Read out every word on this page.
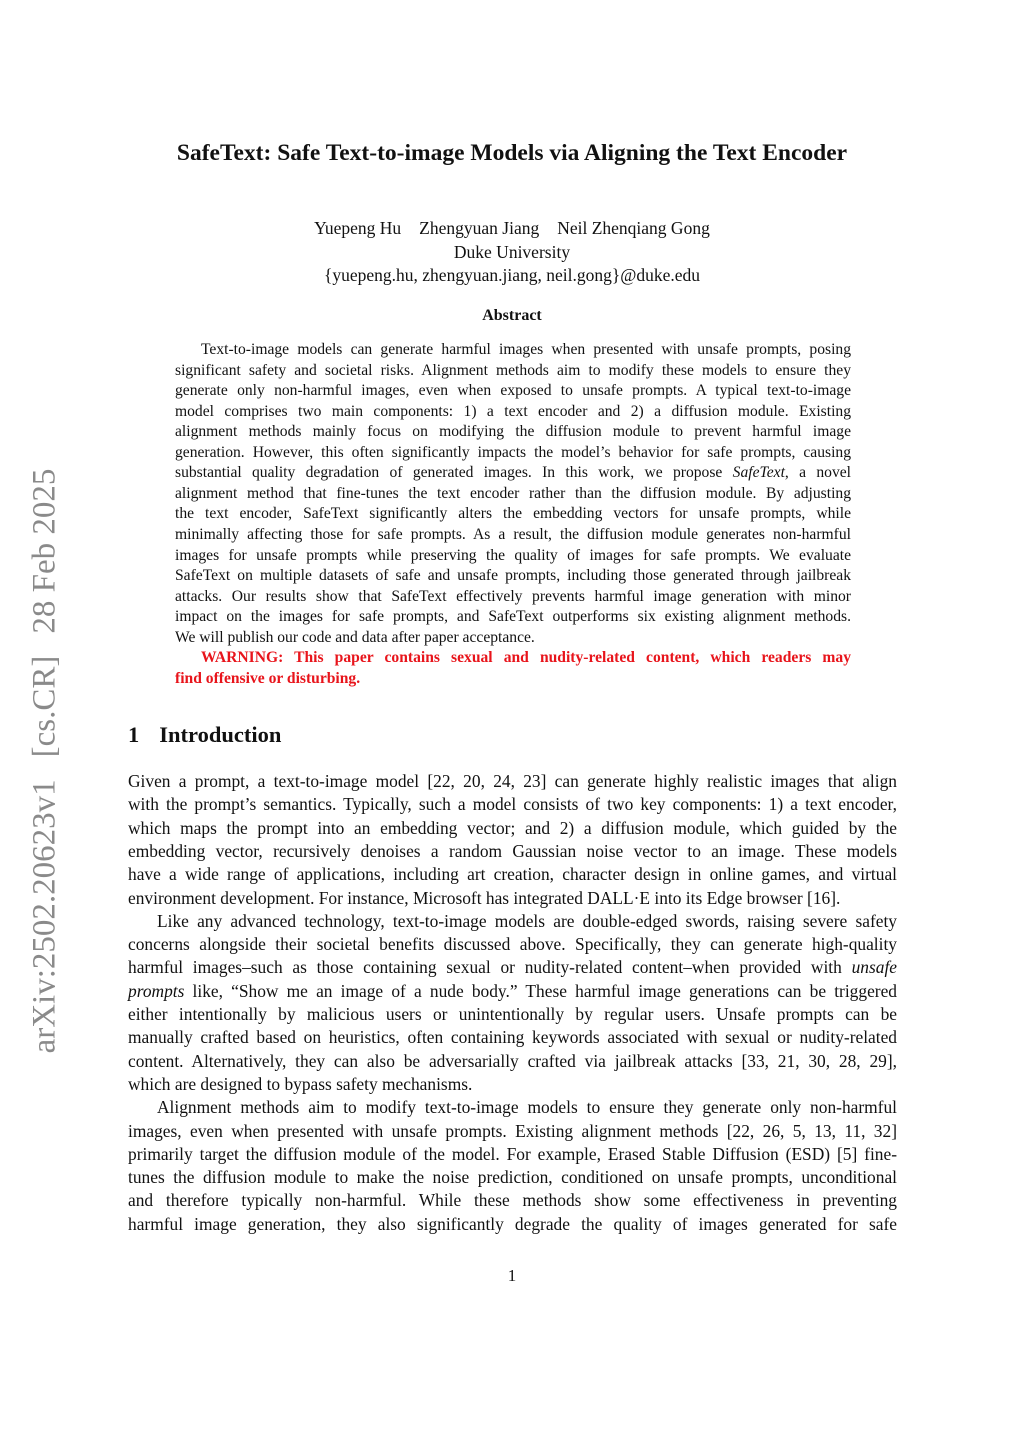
arXiv:2502.20623v1[cs.CR]28 Feb 2025
SafeText: Safe Text-to-image Models via Aligning the Text Encoder
Yuepeng Hu Zhengyuan Jiang Neil Zhenqiang Gong
Duke University
{yuepeng.hu, zhengyuan.jiang, neil.gong}@duke.edu
Abstract
Text-to-image models can generate harmful images when presented with unsafe prompts, posing
significant safety and societal risks. Alignment methods aim to modify these models to ensure they
generate only non-harmful images, even when exposed to unsafe prompts. A typical text-to-image
model comprises two main components: 1) a text encoder and 2) a diffusion module. Existing
alignment methods mainly focus on modifying the diffusion module to prevent harmful image
generation. However, this often significantly impacts the model’s behavior for safe prompts, causing
substantial quality degradation of generated images. In this work, we propose SafeText, a novel
alignment method that fine-tunes the text encoder rather than the diffusion module. By adjusting
the text encoder, SafeText significantly alters the embedding vectors for unsafe prompts, while
minimally affecting those for safe prompts. As a result, the diffusion module generates non-harmful
images for unsafe prompts while preserving the quality of images for safe prompts. We evaluate
SafeText on multiple datasets of safe and unsafe prompts, including those generated through jailbreak
attacks. Our results show that SafeText effectively prevents harmful image generation with minor
impact on the images for safe prompts, and SafeText outperforms six existing alignment methods.
We will publish our code and data after paper acceptance.
WARNING: This paper contains sexual and nudity-related content, which readers may
find offensive or disturbing.
1 Introduction
Given a prompt, a text-to-image model [22, 20, 24, 23] can generate highly realistic images that align
with the prompt’s semantics. Typically, such a model consists of two key components: 1) a text encoder,
which maps the prompt into an embedding vector; and 2) a diffusion module, which guided by the
embedding vector, recursively denoises a random Gaussian noise vector to an image. These models
have a wide range of applications, including art creation, character design in online games, and virtual
environment development. For instance, Microsoft has integrated DALL·E into its Edge browser [16].
Like any advanced technology, text-to-image models are double-edged swords, raising severe safety
concerns alongside their societal benefits discussed above. Specifically, they can generate high-quality
harmful images–such as those containing sexual or nudity-related content–when provided with unsafe
prompts like, “Show me an image of a nude body.” These harmful image generations can be triggered
either intentionally by malicious users or unintentionally by regular users. Unsafe prompts can be
manually crafted based on heuristics, often containing keywords associated with sexual or nudity-related
content. Alternatively, they can also be adversarially crafted via jailbreak attacks [33, 21, 30, 28, 29],
which are designed to bypass safety mechanisms.
Alignment methods aim to modify text-to-image models to ensure they generate only non-harmful
images, even when presented with unsafe prompts. Existing alignment methods [22, 26, 5, 13, 11, 32]
primarily target the diffusion module of the model. For example, Erased Stable Diffusion (ESD) [5] fine-
tunes the diffusion module to make the noise prediction, conditioned on unsafe prompts, unconditional
and therefore typically non-harmful. While these methods show some effectiveness in preventing
harmful image generation, they also significantly degrade the quality of images generated for safe
1
